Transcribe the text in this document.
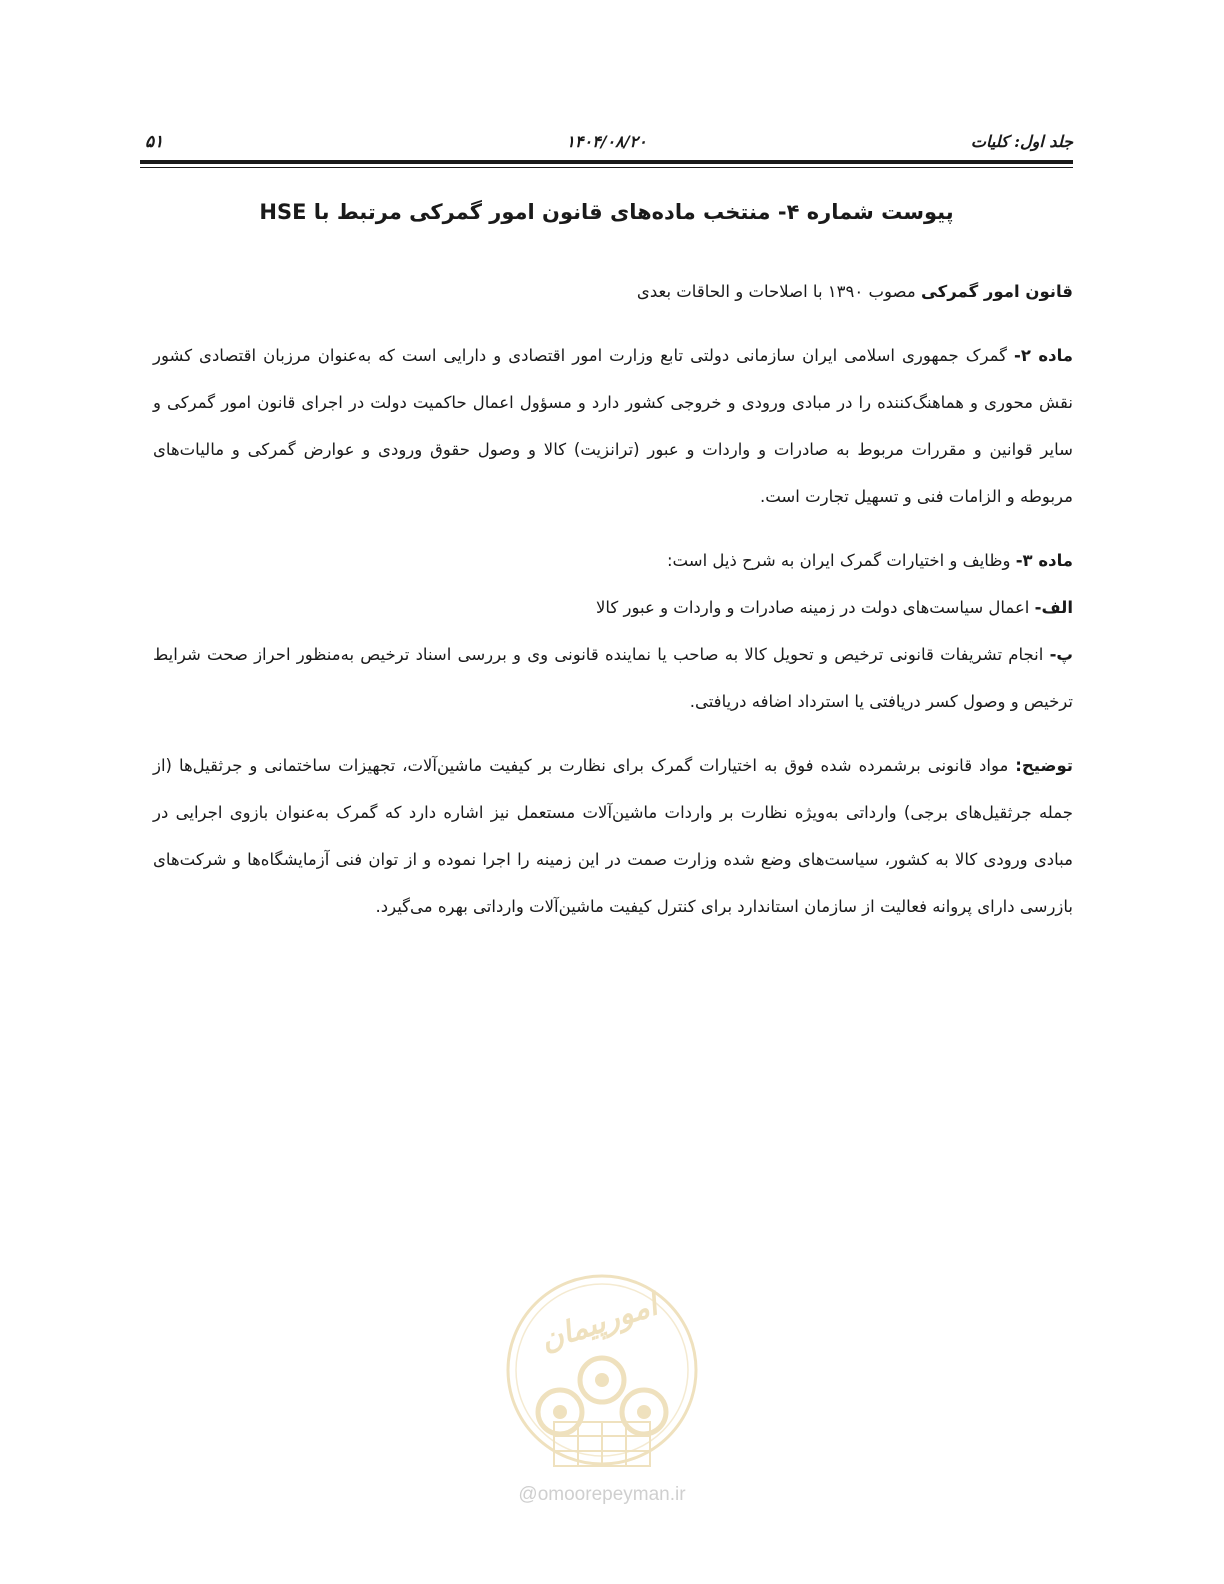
۵۱	۱۴۰۴/۰۸/۲۰	جلد اول: کلیات
پیوست شماره ۴- منتخب ماده‌های قانون امور گمرکی مرتبط با HSE

قانون امور گمرکی مصوب ۱۳۹۰ با اصلاحات و الحاقات بعدی

ماده ۲- گمرک جمهوری اسلامی ایران سازمانی دولتی تابع وزارت امور اقتصادی و دارایی است که به‌عنوان مرزبان اقتصادی کشور نقش محوری و هماهنگ‌کننده را در مبادی ورودی و خروجی کشور دارد و مسؤول اعمال حاکمیت دولت در اجرای قانون امور گمرکی و سایر قوانین و مقررات مربوط به صادرات و واردات و عبور (ترانزیت) کالا و وصول حقوق ورودی و عوارض گمرکی و مالیات‌های مربوطه و الزامات فنی و تسهیل تجارت است.

ماده ۳- وظایف و اختیارات گمرک ایران به شرح ذیل است:

الف- اعمال سیاست‌های دولت در زمینه صادرات و واردات و عبور کالا

پ- انجام تشریفات قانونی ترخیص و تحویل کالا به صاحب یا نماینده قانونی وی و بررسی اسناد ترخیص به‌منظور احراز صحت شرایط ترخیص و وصول کسر دریافتی یا استرداد اضافه دریافتی.

توضیح: مواد قانونی برشمرده شده فوق به اختیارات گمرک برای نظارت بر کیفیت ماشین‌آلات، تجهیزات ساختمانی و جرثقیل‌ها (از جمله جرثقیل‌های برجی) وارداتی به‌ویژه نظارت بر واردات ماشین‌آلات مستعمل نیز اشاره دارد که گمرک به‌عنوان بازوی اجرایی در مبادی ورودی کالا به کشور، سیاست‌های وضع شده وزارت صمت در این زمینه را اجرا نموده و از توان فنی آزمایشگاه‌ها و شرکت‌های بازرسی دارای پروانه فعالیت از سازمان استاندارد برای کنترل کیفیت ماشین‌آلات وارداتی بهره می‌گیرد.

امورپیمان
@omoorepeyman.ir
